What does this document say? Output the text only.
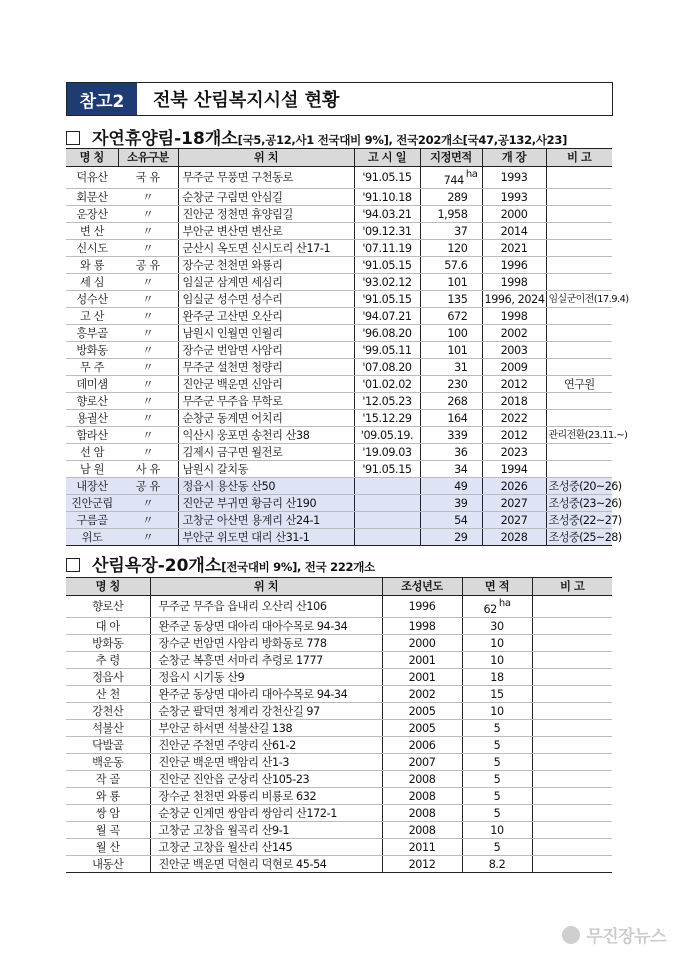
참고2	전북 산림복지시설 현황
자연휴양림-18개소 [국5,공12,사1 전국대비 9%], 전국202개소[국47,공132,사23]
명 칭	소유구분	위 치	고 시 일	지정면적	개 장	비 고
덕유산	국 유	무주군 무풍면 구천동로	'91.05.15	744 ha	1993	
회문산	〃	순창군 구림면 안심길	'91.10.18	289	1993	
운장산	〃	진안군 정천면 휴양림길	'94.03.21	1,958	2000	
변 산	〃	부안군 변산면 변산로	'09.12.31	37	2014	
신시도	〃	군산시 옥도면 신시도리 산17-1	'07.11.19	120	2021	
와 룡	공 유	장수군 천천면 와룡리	'91.05.15	57.6	1996	
세 심	〃	임실군 삼계면 세심리	'93.02.12	101	1998	
성수산	〃	임실군 성수면 성수리	'91.05.15	135	1996, 2024	임실군이전(17.9.4)
고 산	〃	완주군 고산면 오산리	'94.07.21	672	1998	
흥부골	〃	남원시 인월면 인월리	'96.08.20	100	2002	
방화동	〃	장수군 번암면 사암리	'99.05.11	101	2003	
무 주	〃	무주군 설천면 청량리	'07.08.20	31	2009	
데미샘	〃	진안군 백운면 신암리	'01.02.02	230	2012	연구원
향로산	〃	무주군 무주읍 무학로	'12.05.23	268	2018	
용궐산	〃	순창군 동계면 어치리	'15.12.29	164	2022	
함라산	〃	익산시 웅포면 송천리 산38	'09.05.19.	339	2012	관리전환(23.11.~)
선 암	〃	김제시 금구면 월전로	'19.09.03	36	2023	
남 원	사 유	남원시 갈치동	'91.05.15	34	1994	
내장산	공 유	정읍시 용산동 산50		49	2026	조성중(20~26)
진안군립	〃	진안군 부귀면 황금리 산190		39	2027	조성중(23~26)
구름골	〃	고창군 아산면 용계리 산24-1		54	2027	조성중(22~27)
위도	〃	부안군 위도면 대리 산31-1		29	2028	조성중(25~28)
산림욕장-20개소 [전국대비 9%], 전국 222개소
명 칭	위 치	조성년도	면 적	비 고
향로산	무주군 무주읍 읍내리 오산리 산106	1996	62 ha	
대 아	완주군 동상면 대아리 대아수목로 94-34	1998	30	
방화동	장수군 번암면 사암리 방화동로 778	2000	10	
추 령	순창군 복흥면 서마리 추령로 1777	2001	10	
정읍사	정읍시 시기동 산9	2001	18	
산 천	완주군 동상면 대아리 대아수목로 94-34	2002	15	
강천산	순창군 팔덕면 청계리 강천산길 97	2005	10	
석불산	부안군 하서면 석불산길 138	2005	5	
닥발골	진안군 주천면 주양리 산61-2	2006	5	
백운동	진안군 백운면 백암리 산1-3	2007	5	
작 골	진안군 진안읍 군상리 산105-23	2008	5	
와 룡	장수군 천천면 와룡리 비룡로 632	2008	5	
쌍 암	순창군 인계면 쌍암리 쌍암리 산172-1	2008	5	
월 곡	고창군 고창읍 월곡리 산9-1	2008	10	
월 산	고창군 고창읍 월산리 산145	2011	5	
내동산	진안군 백운면 덕현리 덕현로 45-54	2012	8.2	
무진장뉴스
